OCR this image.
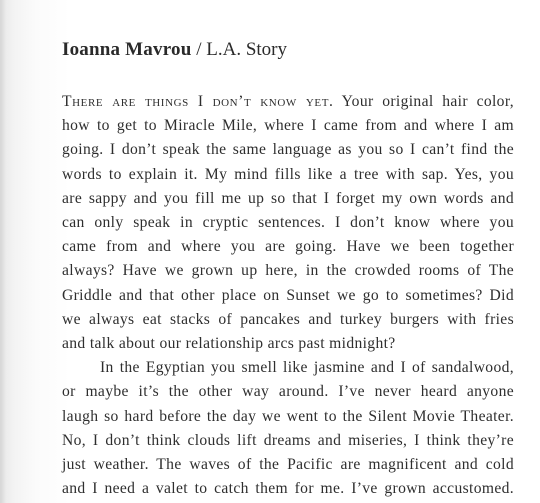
Ioanna Mavrou / L.A. Story
There are things I don’t know yet. Your original hair color,
how to get to Miracle Mile, where I came from and where I am
going. I don’t speak the same language as you so I can’t find the
words to explain it. My mind fills like a tree with sap. Yes, you
are sappy and you fill me up so that I forget my own words and
can only speak in cryptic sentences. I don’t know where you
came from and where you are going. Have we been together
always? Have we grown up here, in the crowded rooms of The
Griddle and that other place on Sunset we go to sometimes? Did
we always eat stacks of pancakes and turkey burgers with fries
and talk about our relationship arcs past midnight?
In the Egyptian you smell like jasmine and I of sandalwood,
or maybe it’s the other way around. I’ve never heard anyone
laugh so hard before the day we went to the Silent Movie Theater.
No, I don’t think clouds lift dreams and miseries, I think they’re
just weather. The waves of the Pacific are magnificent and cold
and I need a valet to catch them for me. I’ve grown accustomed.
